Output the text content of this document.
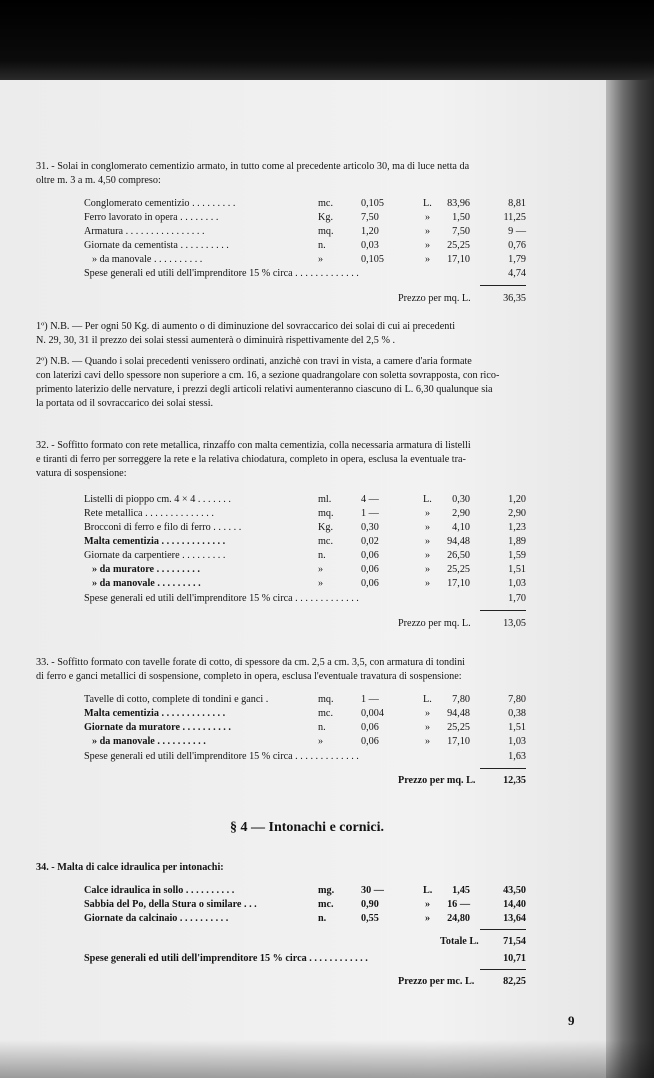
31. - Solai in conglomerato cementizio armato, in tutto come al precedente articolo 30, ma di luce netta da
oltre m. 3 a m. 4,50 compreso:
Conglomerato cementizio . . . . . . . . .	mc.	0,105	L.	83,96	8,81
Ferro lavorato in opera . . . . . . . .	Kg.	7,50	»	1,50	11,25
Armatura . . . . . . . . . . . . . . . .	mq.	1,20	»	7,50	9 —
Giornate da cementista . . . . . . . . . .	n.	0,03	»	25,25	0,76
» da manovale . . . . . . . . . .	»	0,105	»	17,10	1,79
Spese generali ed utili dell'imprenditore 15 % circa . . . . . . . . . . . . .	4,74
Prezzo per mq. L.	36,35
1º) N.B. — Per ogni 50 Kg. di aumento o di diminuzione del sovraccarico dei solai di cui ai precedenti
N. 29, 30, 31 il prezzo dei solai stessi aumenterà o diminuirà rispettivamente del 2,5 % .
2º) N.B. — Quando i solai precedenti venissero ordinati, anzichè con travi in vista, a camere d'aria formate
con laterizi cavi dello spessore non superiore a cm. 16, a sezione quadrangolare con soletta sovrapposta, con rico-
primento laterizio delle nervature, i prezzi degli articoli relativi aumenteranno ciascuno di L. 6,30 qualunque sia
la portata od il sovraccarico dei solai stessi.
32. - Soffitto formato con rete metallica, rinzaffo con malta cementizia, colla necessaria armatura di listelli
e tiranti di ferro per sorreggere la rete e la relativa chiodatura, completo in opera, esclusa la eventuale tra-
vatura di sospensione:
Listelli di pioppo cm. 4 × 4 . . . . . . .	ml.	4 —	L.	0,30	1,20
Rete metallica . . . . . . . . . . . . . .	mq.	1 —	»	2,90	2,90
Brocconi di ferro e filo di ferro . . . . . .	Kg.	0,30	»	4,10	1,23
Malta cementizia . . . . . . . . . . . . .	mc.	0,02	»	94,48	1,89
Giornate da carpentiere . . . . . . . . .	n.	0,06	»	26,50	1,59
» da muratore . . . . . . . . .	»	0,06	»	25,25	1,51
» da manovale . . . . . . . . .	»	0,06	»	17,10	1,03
Spese generali ed utili dell'imprenditore 15 % circa . . . . . . . . . . . . .	1,70
Prezzo per mq. L.	13,05
33. - Soffitto formato con tavelle forate di cotto, di spessore da cm. 2,5 a cm. 3,5, con armatura di tondini
di ferro e ganci metallici di sospensione, completo in opera, esclusa l'eventuale travatura di sospensione:
Tavelle di cotto, complete di tondini e ganci .	mq.	1 —	L.	7,80	7,80
Malta cementizia . . . . . . . . . . . . .	mc.	0,004	»	94,48	0,38
Giornate da muratore . . . . . . . . . .	n.	0,06	»	25,25	1,51
» da manovale . . . . . . . . . .	»	0,06	»	17,10	1,03
Spese generali ed utili dell'imprenditore 15 % circa . . . . . . . . . . . . .	1,63
Prezzo per mq. L.	12,35
§ 4 — Intonachi e cornici.
34. - Malta di calce idraulica per intonachi:
Calce idraulica in sollo . . . . . . . . . .	mg.	30 —	L.	1,45	43,50
Sabbia del Po, della Stura o similare . . .	mc.	0,90	»	16 —	14,40
Giornate da calcinaio . . . . . . . . . .	n.	0,55	»	24,80	13,64
Totale L.	71,54
Spese generali ed utili dell'imprenditore 15 % circa . . . . . . . . . . . .	10,71
Prezzo per mc. L.	82,25
9
